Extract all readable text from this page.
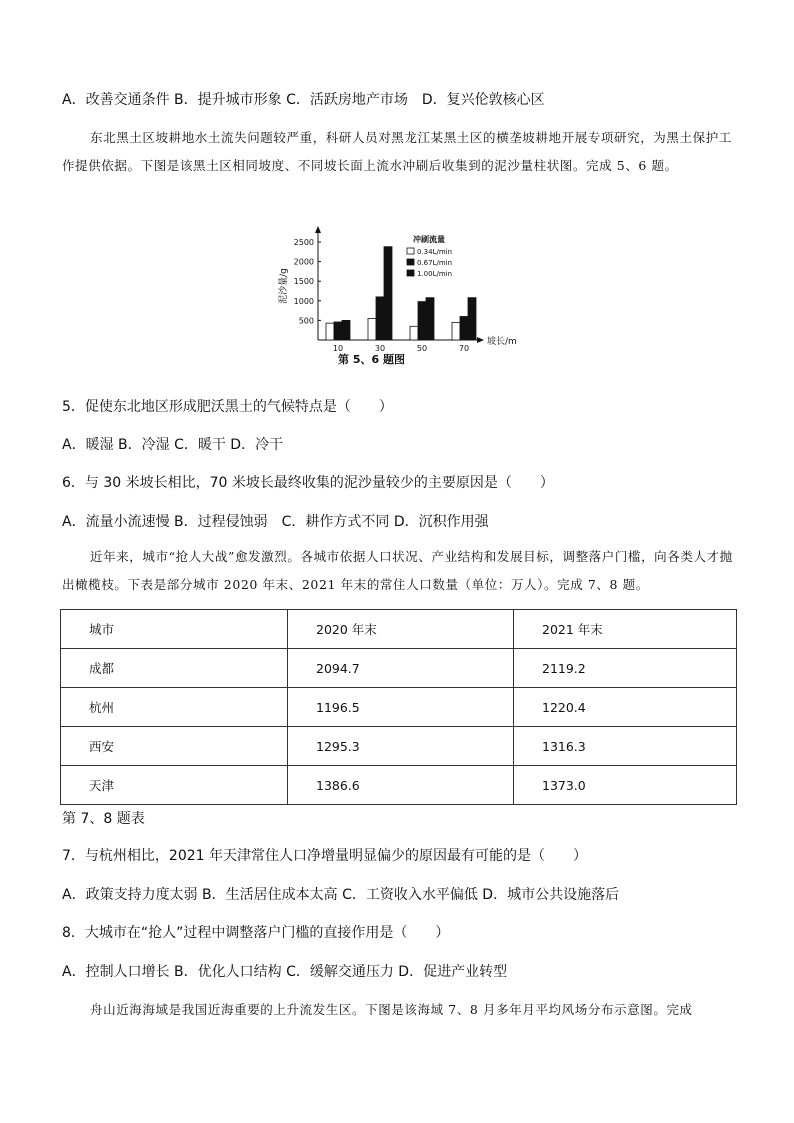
A．改善交通条件 B．提升城市形象 C．活跃房地产市场　D．复兴伦敦核心区
东北黑土区坡耕地水土流失问题较严重，科研人员对黑龙江某黑土区的横垄坡耕地开展专项研究，为黑土保护工作提供依据。下图是该黑土区相同坡度、不同坡长面上流水冲刷后收集到的泥沙量柱状图。完成 5、6 题。
500
1000
1500
2000
2500
泥沙量/g
10	30	50	70
坡长/m
冲刷流量
0.34L/min
0.67L/min
1.00L/min
第 5、6 题图
5．促使东北地区形成肥沃黑土的气候特点是（　　）
A．暖湿 B．冷湿 C．暖干 D．冷干
6．与 30 米坡长相比，70 米坡长最终收集的泥沙量较少的主要原因是（　　）
A．流量小流速慢 B．过程侵蚀弱　C．耕作方式不同 D．沉积作用强
近年来，城市“抢人大战”愈发激烈。各城市依据人口状况、产业结构和发展目标，调整落户门槛，向各类人才抛出橄榄枝。下表是部分城市 2020 年末、2021 年末的常住人口数量（单位：万人）。完成 7、8 题。
城市	2020 年末	2021 年末
成都	2094.7	2119.2
杭州	1196.5	1220.4
西安	1295.3	1316.3
天津	1386.6	1373.0
第 7、8 题表
7．与杭州相比，2021 年天津常住人口净增量明显偏少的原因最有可能的是（　　）
A．政策支持力度太弱 B．生活居住成本太高 C．工资收入水平偏低 D．城市公共设施落后
8．大城市在“抢人”过程中调整落户门槛的直接作用是（　　）
A．控制人口增长 B．优化人口结构 C．缓解交通压力 D．促进产业转型
舟山近海海域是我国近海重要的上升流发生区。下图是该海域 7、8 月多年月平均风场分布示意图。完成
